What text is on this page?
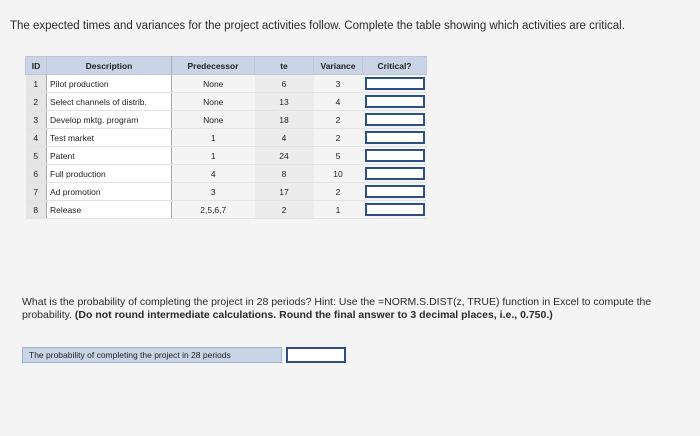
The expected times and variances for the project activities follow. Complete the table showing which activities are critical.
ID	Description	Predecessor	te	Variance	Critical?
1	Pilot production	None	6	3	

2	Select channels of distrib.	None	13	4	

3	Develop mktg. program	None	18	2	

4	Test market	1	4	2	

5	Patent	1	24	5	

6	Full production	4	8	10	

7	Ad promotion	3	17	2	

8	Release	2,5,6,7	2	1	
What is the probability of completing the project in 28 periods? Hint: Use the =NORM.S.DIST(z, TRUE) function in Excel to compute the probability. (Do not round intermediate calculations. Round the final answer to 3 decimal places, i.e., 0.750.)
The probability of completing the project in 28 periods
